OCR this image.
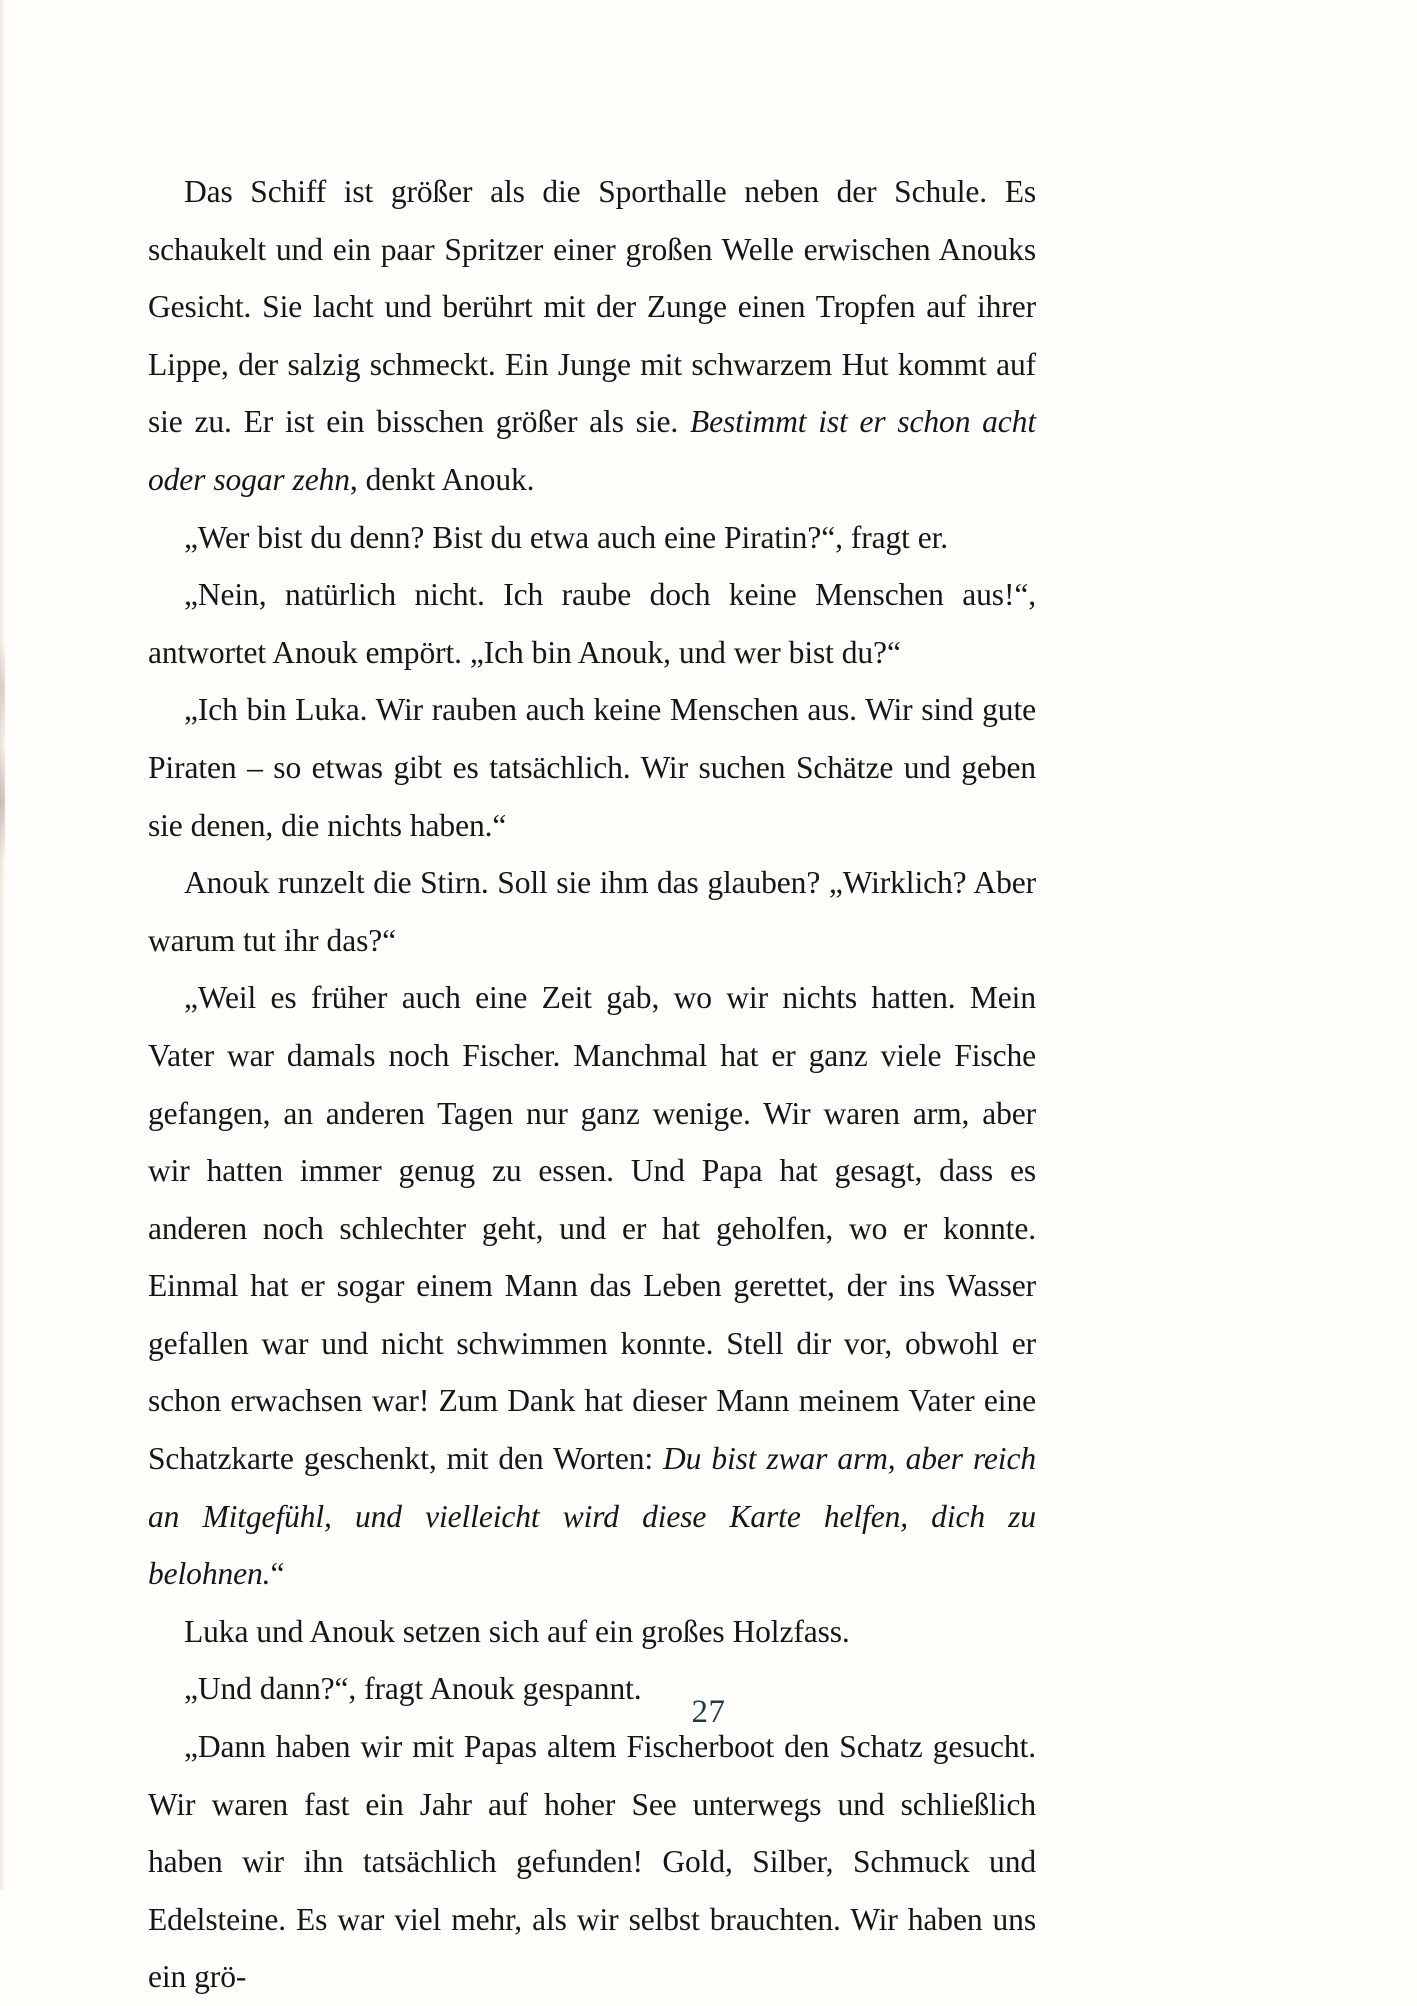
Das Schiff ist größer als die Sporthalle neben der Schule. Es schaukelt und ein paar Spritzer einer großen Welle erwischen Anouks Gesicht. Sie lacht und berührt mit der Zunge einen Tropfen auf ihrer Lippe, der salzig schmeckt. Ein Junge mit schwarzem Hut kommt auf sie zu. Er ist ein bisschen größer als sie. Bestimmt ist er schon acht oder sogar zehn, denkt Anouk.

„Wer bist du denn? Bist du etwa auch eine Piratin?“, fragt er.

„Nein, natürlich nicht. Ich raube doch keine Menschen aus!“, antwortet Anouk empört. „Ich bin Anouk, und wer bist du?“

„Ich bin Luka. Wir rauben auch keine Menschen aus. Wir sind gute Piraten – so etwas gibt es tatsächlich. Wir suchen Schätze und geben sie denen, die nichts haben.“

Anouk runzelt die Stirn. Soll sie ihm das glauben? „Wirklich? Aber warum tut ihr das?“

„Weil es früher auch eine Zeit gab, wo wir nichts hatten. Mein Vater war damals noch Fischer. Manchmal hat er ganz viele Fische gefangen, an anderen Tagen nur ganz wenige. Wir waren arm, aber wir hatten immer genug zu essen. Und Papa hat gesagt, dass es anderen noch schlechter geht, und er hat geholfen, wo er konnte. Einmal hat er sogar einem Mann das Leben gerettet, der ins Wasser gefallen war und nicht schwimmen konnte. Stell dir vor, obwohl er schon erwachsen war! Zum Dank hat dieser Mann meinem Vater eine Schatzkarte geschenkt, mit den Worten: Du bist zwar arm, aber reich an Mitgefühl, und vielleicht wird diese Karte helfen, dich zu belohnen.“

Luka und Anouk setzen sich auf ein großes Holzfass.

„Und dann?“, fragt Anouk gespannt.

„Dann haben wir mit Papas altem Fischerboot den Schatz gesucht. Wir waren fast ein Jahr auf hoher See unterwegs und schließlich haben wir ihn tatsächlich gefunden! Gold, Silber, Schmuck und Edelsteine. Es war viel mehr, als wir selbst brauchten. Wir haben uns ein grö-

27
